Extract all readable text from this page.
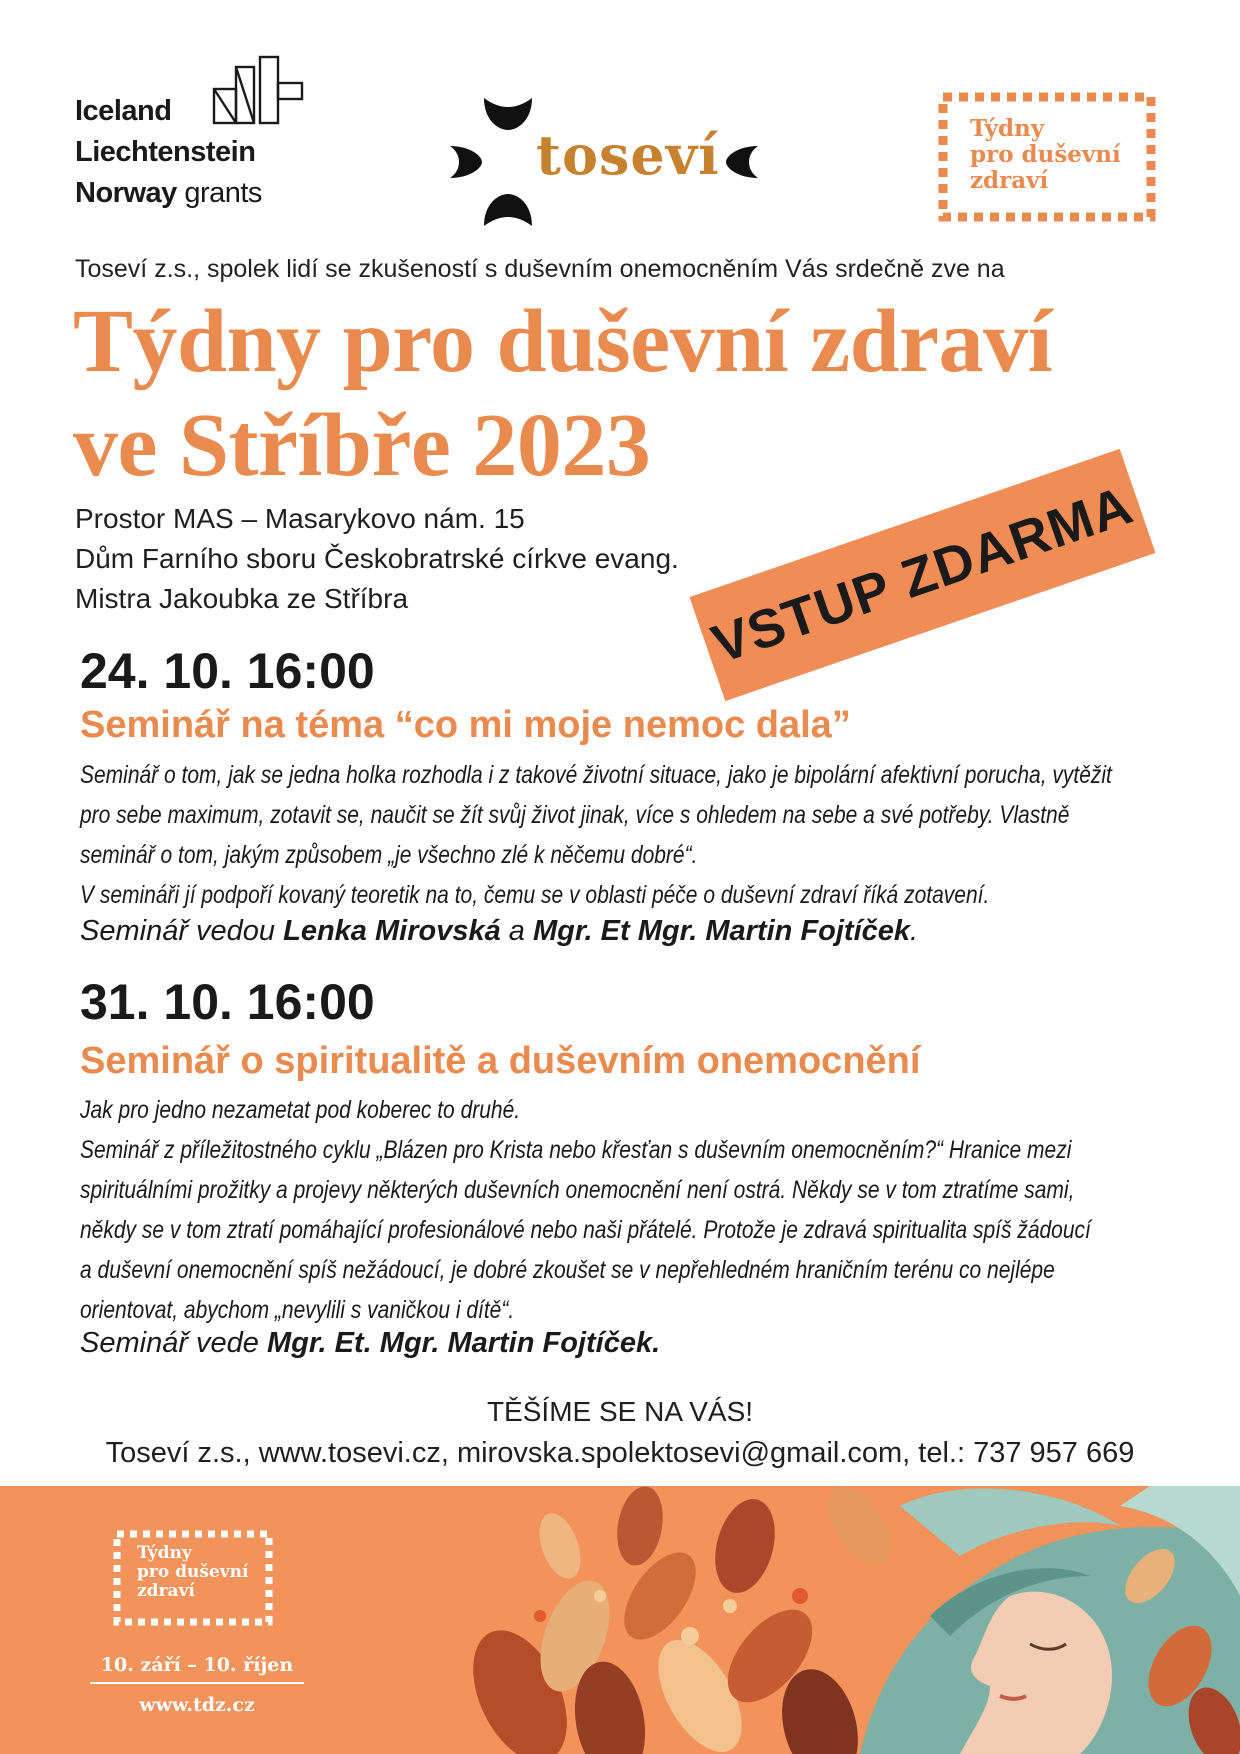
Iceland
Liechtenstein
Norway grants
toseví	Týdny
pro duševní
zdraví
Toseví z.s., spolek lidí se zkušeností s duševním onemocněním Vás srdečně zve na
Týdny pro duševní zdraví
ve Stříbře 2023
Prostor MAS – Masarykovo nám. 15
Dům Farního sboru Českobratrské církve evang.
Mistra Jakoubka ze Stříbra	VSTUP ZDARMA
24. 10. 16:00
Seminář na téma “co mi moje nemoc dala”

Seminář o tom, jak se jedna holka rozhodla i z takové životní situace, jako je bipolární afektivní porucha, vytěžit

pro sebe maximum, zotavit se, naučit se žít svůj život jinak, více s ohledem na sebe a své potřeby. Vlastně

seminář o tom, jakým způsobem „je všechno zlé k něčemu dobré“.

V semináři jí podpoří kovaný teoretik na to, čemu se v oblasti péče o duševní zdraví říká zotavení.

Seminář vedou Lenka Mirovská a Mgr. Et Mgr. Martin Fojtíček.
31. 10. 16:00
Seminář o spiritualitě a duševním onemocnění

Jak pro jedno nezametat pod koberec to druhé.

Seminář z příležitostného cyklu „Blázen pro Krista nebo křesťan s duševním onemocněním?“ Hranice mezi

spirituálními prožitky a projevy některých duševních onemocnění není ostrá. Někdy se v tom ztratíme sami,

někdy se v tom ztratí pomáhající profesionálové nebo naši přátelé. Protože je zdravá spiritualita spíš žádoucí

a duševní onemocnění spíš nežádoucí, je dobré zkoušet se v nepřehledném hraničním terénu co nejlépe

orientovat, abychom „nevylili s vaničkou i dítě“.

Seminář vede Mgr. Et. Mgr. Martin Fojtíček.
TĚŠÍME SE NA VÁS!
Toseví z.s., www.tosevi.cz, mirovska.spolektosevi@gmail.com, tel.: 737 957 669
Týdny
pro duševní
zdraví
10. září – 10. říjen
www.tdz.cz
